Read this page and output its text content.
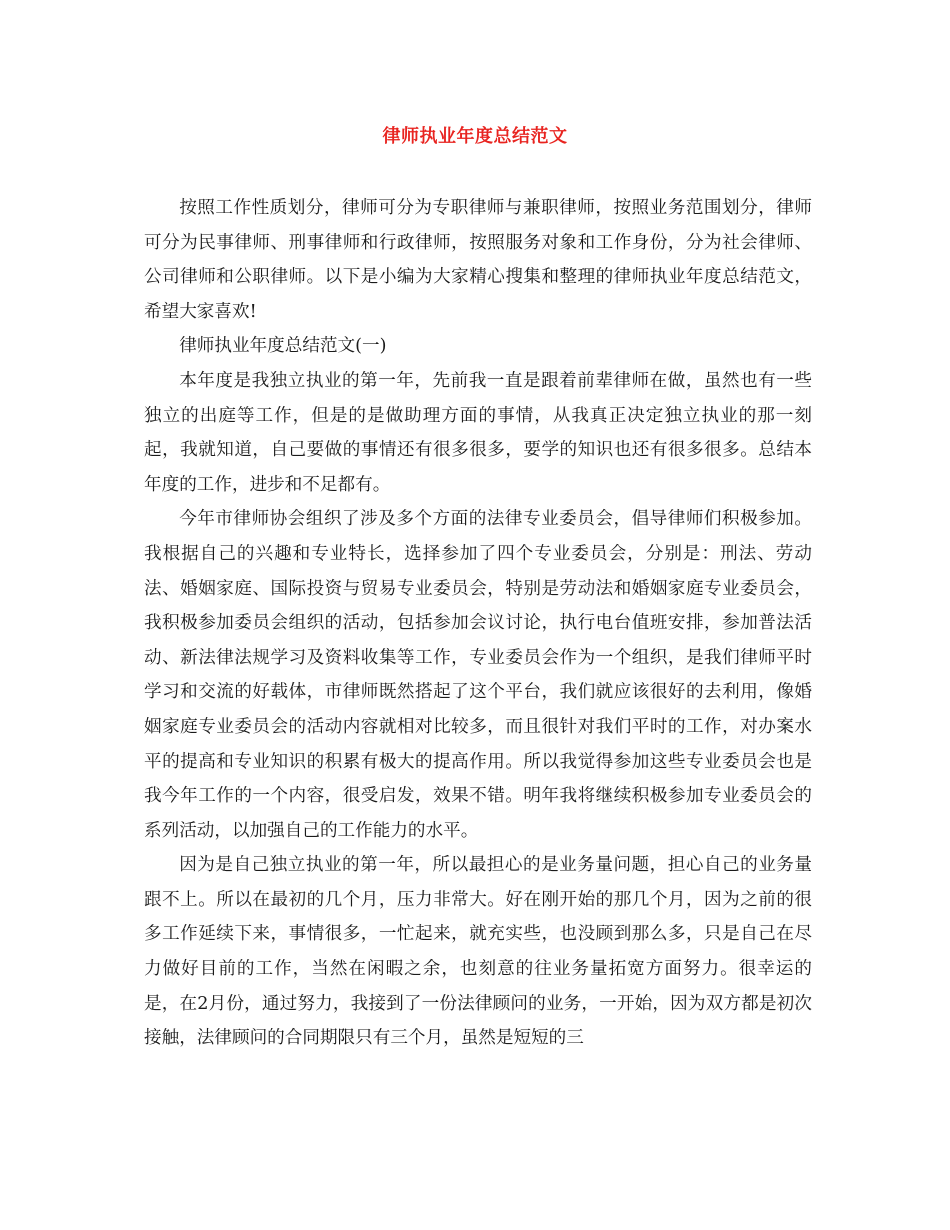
律师执业年度总结范文

按照工作性质划分，律师可分为专职律师与兼职律师，按照业务范围划分，律师可分为民事律师、刑事律师和行政律师，按照服务对象和工作身份，分为社会律师、公司律师和公职律师。以下是小编为大家精心搜集和整理的律师执业年度总结范文，希望大家喜欢!

律师执业年度总结范文(一)

本年度是我独立执业的第一年，先前我一直是跟着前辈律师在做，虽然也有一些独立的出庭等工作，但是的是做助理方面的事情，从我真正决定独立执业的那一刻起，我就知道，自己要做的事情还有很多很多，要学的知识也还有很多很多。总结本年度的工作，进步和不足都有。

今年市律师协会组织了涉及多个方面的法律专业委员会，倡导律师们积极参加。我根据自己的兴趣和专业特长，选择参加了四个专业委员会，分别是：刑法、劳动法、婚姻家庭、国际投资与贸易专业委员会，特别是劳动法和婚姻家庭专业委员会，我积极参加委员会组织的活动，包括参加会议讨论，执行电台值班安排，参加普法活动、新法律法规学习及资料收集等工作，专业委员会作为一个组织，是我们律师平时学习和交流的好载体，市律师既然搭起了这个平台，我们就应该很好的去利用，像婚姻家庭专业委员会的活动内容就相对比较多，而且很针对我们平时的工作，对办案水平的提高和专业知识的积累有极大的提高作用。所以我觉得参加这些专业委员会也是我今年工作的一个内容，很受启发，效果不错。明年我将继续积极参加专业委员会的系列活动，以加强自己的工作能力的水平。

因为是自己独立执业的第一年，所以最担心的是业务量问题，担心自己的业务量跟不上。所以在最初的几个月，压力非常大。好在刚开始的那几个月，因为之前的很多工作延续下来，事情很多，一忙起来，就充实些，也没顾到那么多，只是自己在尽力做好目前的工作，当然在闲暇之余，也刻意的往业务量拓宽方面努力。很幸运的是，在2月份，通过努力，我接到了一份法律顾问的业务，一开始，因为双方都是初次接触，法律顾问的合同期限只有三个月，虽然是短短的三
